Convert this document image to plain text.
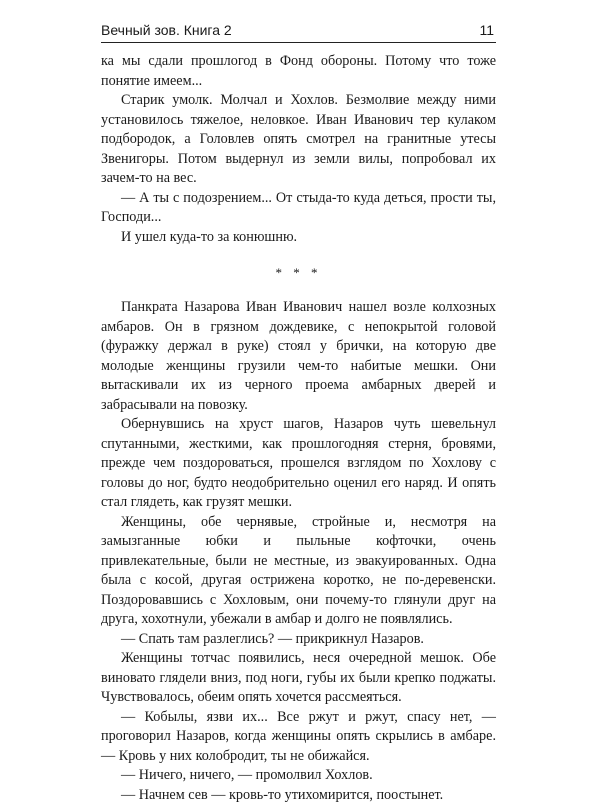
Вечный зов. Книга 2	11

ка мы сдали прошлогод в Фонд обороны. Потому что тоже понятие имеем...

Старик умолк. Молчал и Хохлов. Безмолвие между ними установилось тяжелое, неловкое. Иван Иванович тер кулаком подбородок, а Головлев опять смотрел на гранитные утесы Звенигоры. Потом выдернул из земли вилы, попробовал их зачем-то на вес.

— А ты с подозрением... От стыда-то куда деться, прости ты, Господи...

И ушел куда-то за конюшню.

* * *

Панкрата Назарова Иван Иванович нашел возле колхозных амбаров. Он в грязном дождевике, с непокрытой головой (фуражку держал в руке) стоял у брички, на которую две молодые женщины грузили чем-то набитые мешки. Они вытаскивали их из черного проема амбарных дверей и забрасывали на повозку.

Обернувшись на хруст шагов, Назаров чуть шевельнул спутанными, жесткими, как прошлогодняя стерня, бровями, прежде чем поздороваться, прошелся взглядом по Хохлову с головы до ног, будто неодобрительно оценил его наряд. И опять стал глядеть, как грузят мешки.

Женщины, обе чернявые, стройные и, несмотря на замызганные юбки и пыльные кофточки, очень привлекательные, были не местные, из эвакуированных. Одна была с косой, другая острижена коротко, не по-деревенски. Поздоровавшись с Хохловым, они почему-то глянули друг на друга, хохотнули, убежали в амбар и долго не появлялись.

— Спать там разлеглись? — прикрикнул Назаров.

Женщины тотчас появились, неся очередной мешок. Обе виновато глядели вниз, под ноги, губы их были крепко поджаты. Чувствовалось, обеим опять хочется рассмеяться.

— Кобылы, язви их... Все ржут и ржут, спасу нет, — проговорил Назаров, когда женщины опять скрылись в амбаре. — Кровь у них колобродит, ты не обижайся.

— Ничего, ничего, — промолвил Хохлов.

— Начнем сев — кровь-то утихомирится, поостынет.
